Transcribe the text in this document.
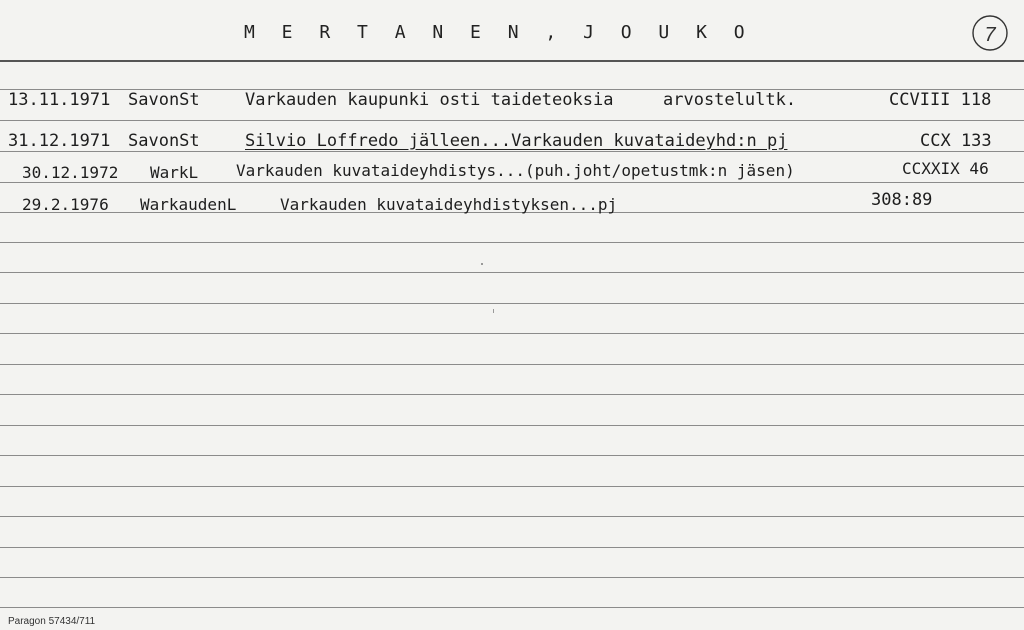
M E R T A N E N , J O U K O	7
13.11.1971 SavonSt	Varkauden kaupunki osti taideteoksia	arvostelultk.	CCVIII 118
31.12.1971 SavonSt	Silvio Loffredo jälleen...Varkauden kuvataideyhd:n pj	CCX 133
30.12.1972 WarkL Varkauden kuvataideyhdistys...(puh.joht/opetustmk:n jäsen)	CCXXIX 46
29.2.1976 WarkaudenL	Varkauden kuvataideyhdistyksen...pj	308:89
Paragon 57434/711
